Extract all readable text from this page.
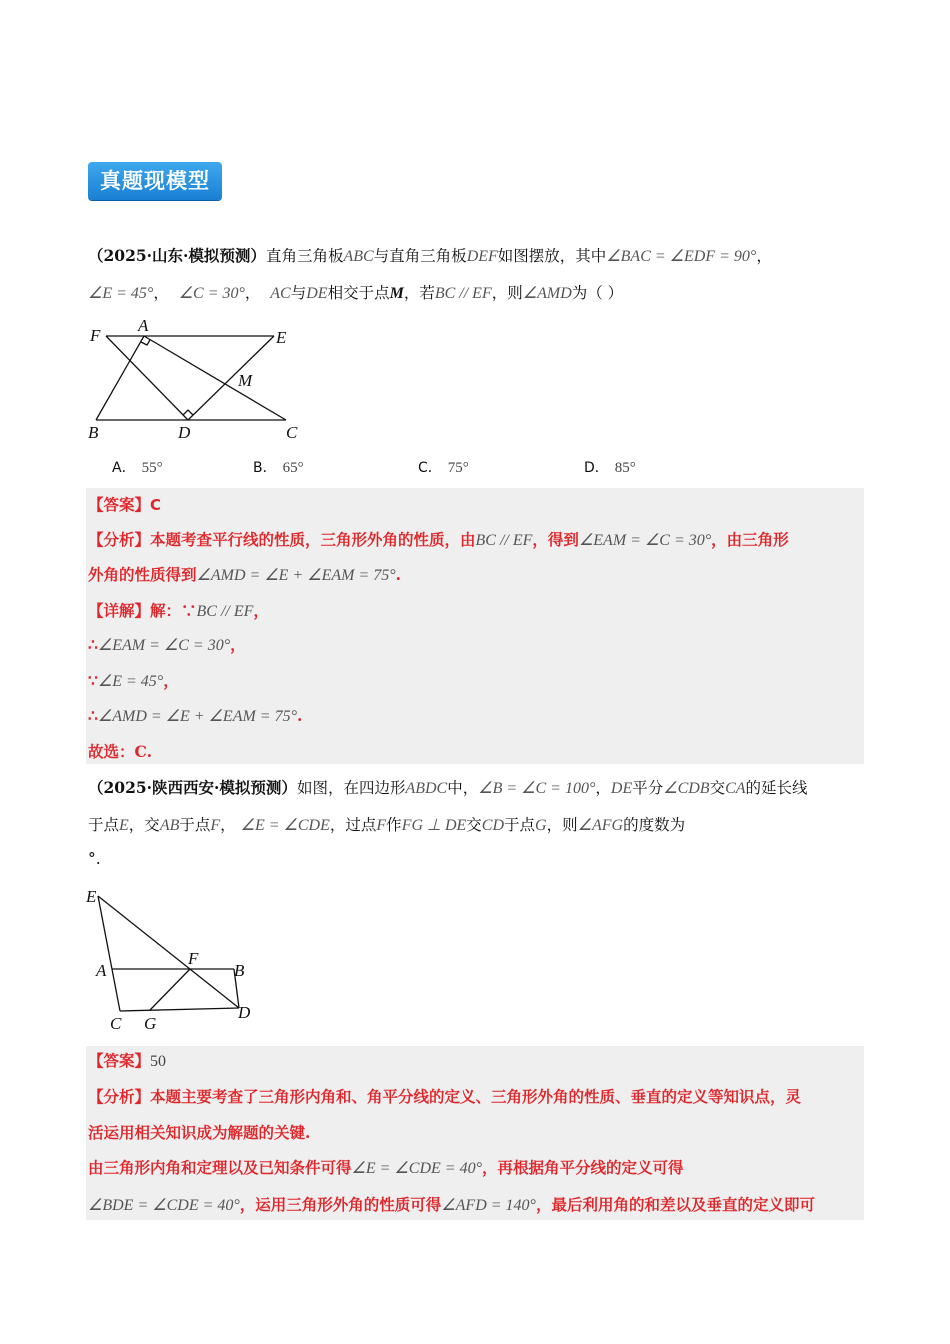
真题现模型
（2025·山东·模拟预测）直角三角板ABC与直角三角板DEF如图摆放，其中∠BAC = ∠EDF = 90°，
∠E = 45°， ∠C = 30°， AC与DE相交于点M，若BC // EF，则∠AMD为（ ）
F
A
E
M
B	D	C
A． 55°	B． 65°	C． 75°	D． 85°
【答案】C
【分析】本题考查平行线的性质，三角形外角的性质，由BC // EF，得到∠EAM = ∠C = 30°，由三角形
外角的性质得到∠AMD = ∠E + ∠EAM = 75°.
【详解】解：∵BC // EF，
∴∠EAM = ∠C = 30°，
∵∠E = 45°，
∴∠AMD = ∠E + ∠EAM = 75°.
故选：C.
（2025·陕西西安·模拟预测）如图，在四边形ABDC中，∠B = ∠C = 100°，DE平分∠CDB交CA的延长线
于点E，交AB于点F， ∠E = ∠CDE，过点F作FG ⊥ DE交CD于点G，则∠AFG的度数为
°.
E
A
F
B
C G
D
【答案】50
【分析】本题主要考查了三角形内角和、角平分线的定义、三角形外角的性质、垂直的定义等知识点，灵
活运用相关知识成为解题的关键.
由三角形内角和定理以及已知条件可得∠E = ∠CDE = 40°，再根据角平分线的定义可得
∠BDE = ∠CDE = 40°，运用三角形外角的性质可得∠AFD = 140°，最后利用角的和差以及垂直的定义即可
